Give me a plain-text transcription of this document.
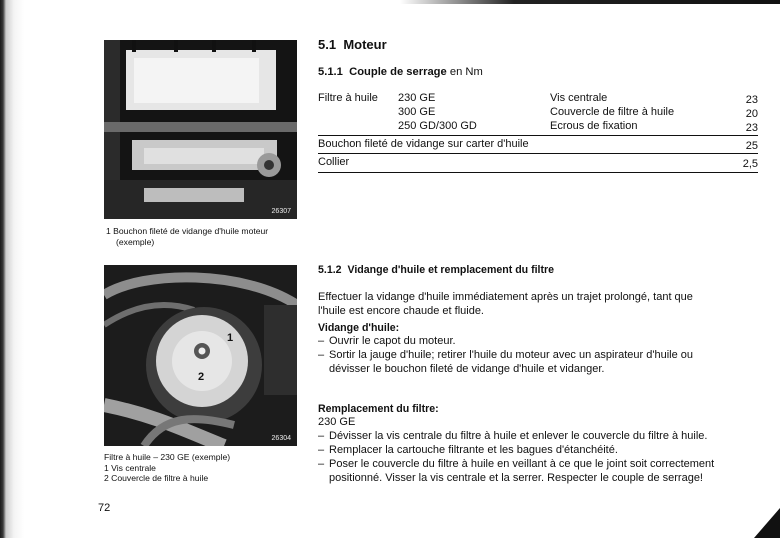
26307
1 Bouchon fileté de vidange d'huile moteur
(exemple)
1
2
26304
Filtre à huile – 230 GE (exemple)
1 Vis centrale
2 Couvercle de filtre à huile
5.1 Moteur
5.1.1 Couple de serrage en Nm
Filtre à huile 230 GE
300 GE
250 GD/300 GD
Vis centrale
Couvercle de filtre à huile
Ecrous de fixation
23
20
23
Bouchon fileté de vidange sur carter d'huile	25
Collier	2,5
5.1.2 Vidange d'huile et remplacement du filtre
Effectuer la vidange d'huile immédiatement après un trajet prolongé, tant que
l'huile est encore chaude et fluide.
Vidange d'huile:
– Ouvrir le capot du moteur.
– Sortir la jauge d'huile; retirer l'huile du moteur avec un aspirateur d'huile ou
dévisser le bouchon fileté de vidange d'huile et vidanger.
Remplacement du filtre:
230 GE
– Dévisser la vis centrale du filtre à huile et enlever le couvercle du filtre à huile.
– Remplacer la cartouche filtrante et les bagues d'étanchéité.
– Poser le couvercle du filtre à huile en veillant à ce que le joint soit correctement
positionné. Visser la vis centrale et la serrer. Respecter le couple de serrage!
72
